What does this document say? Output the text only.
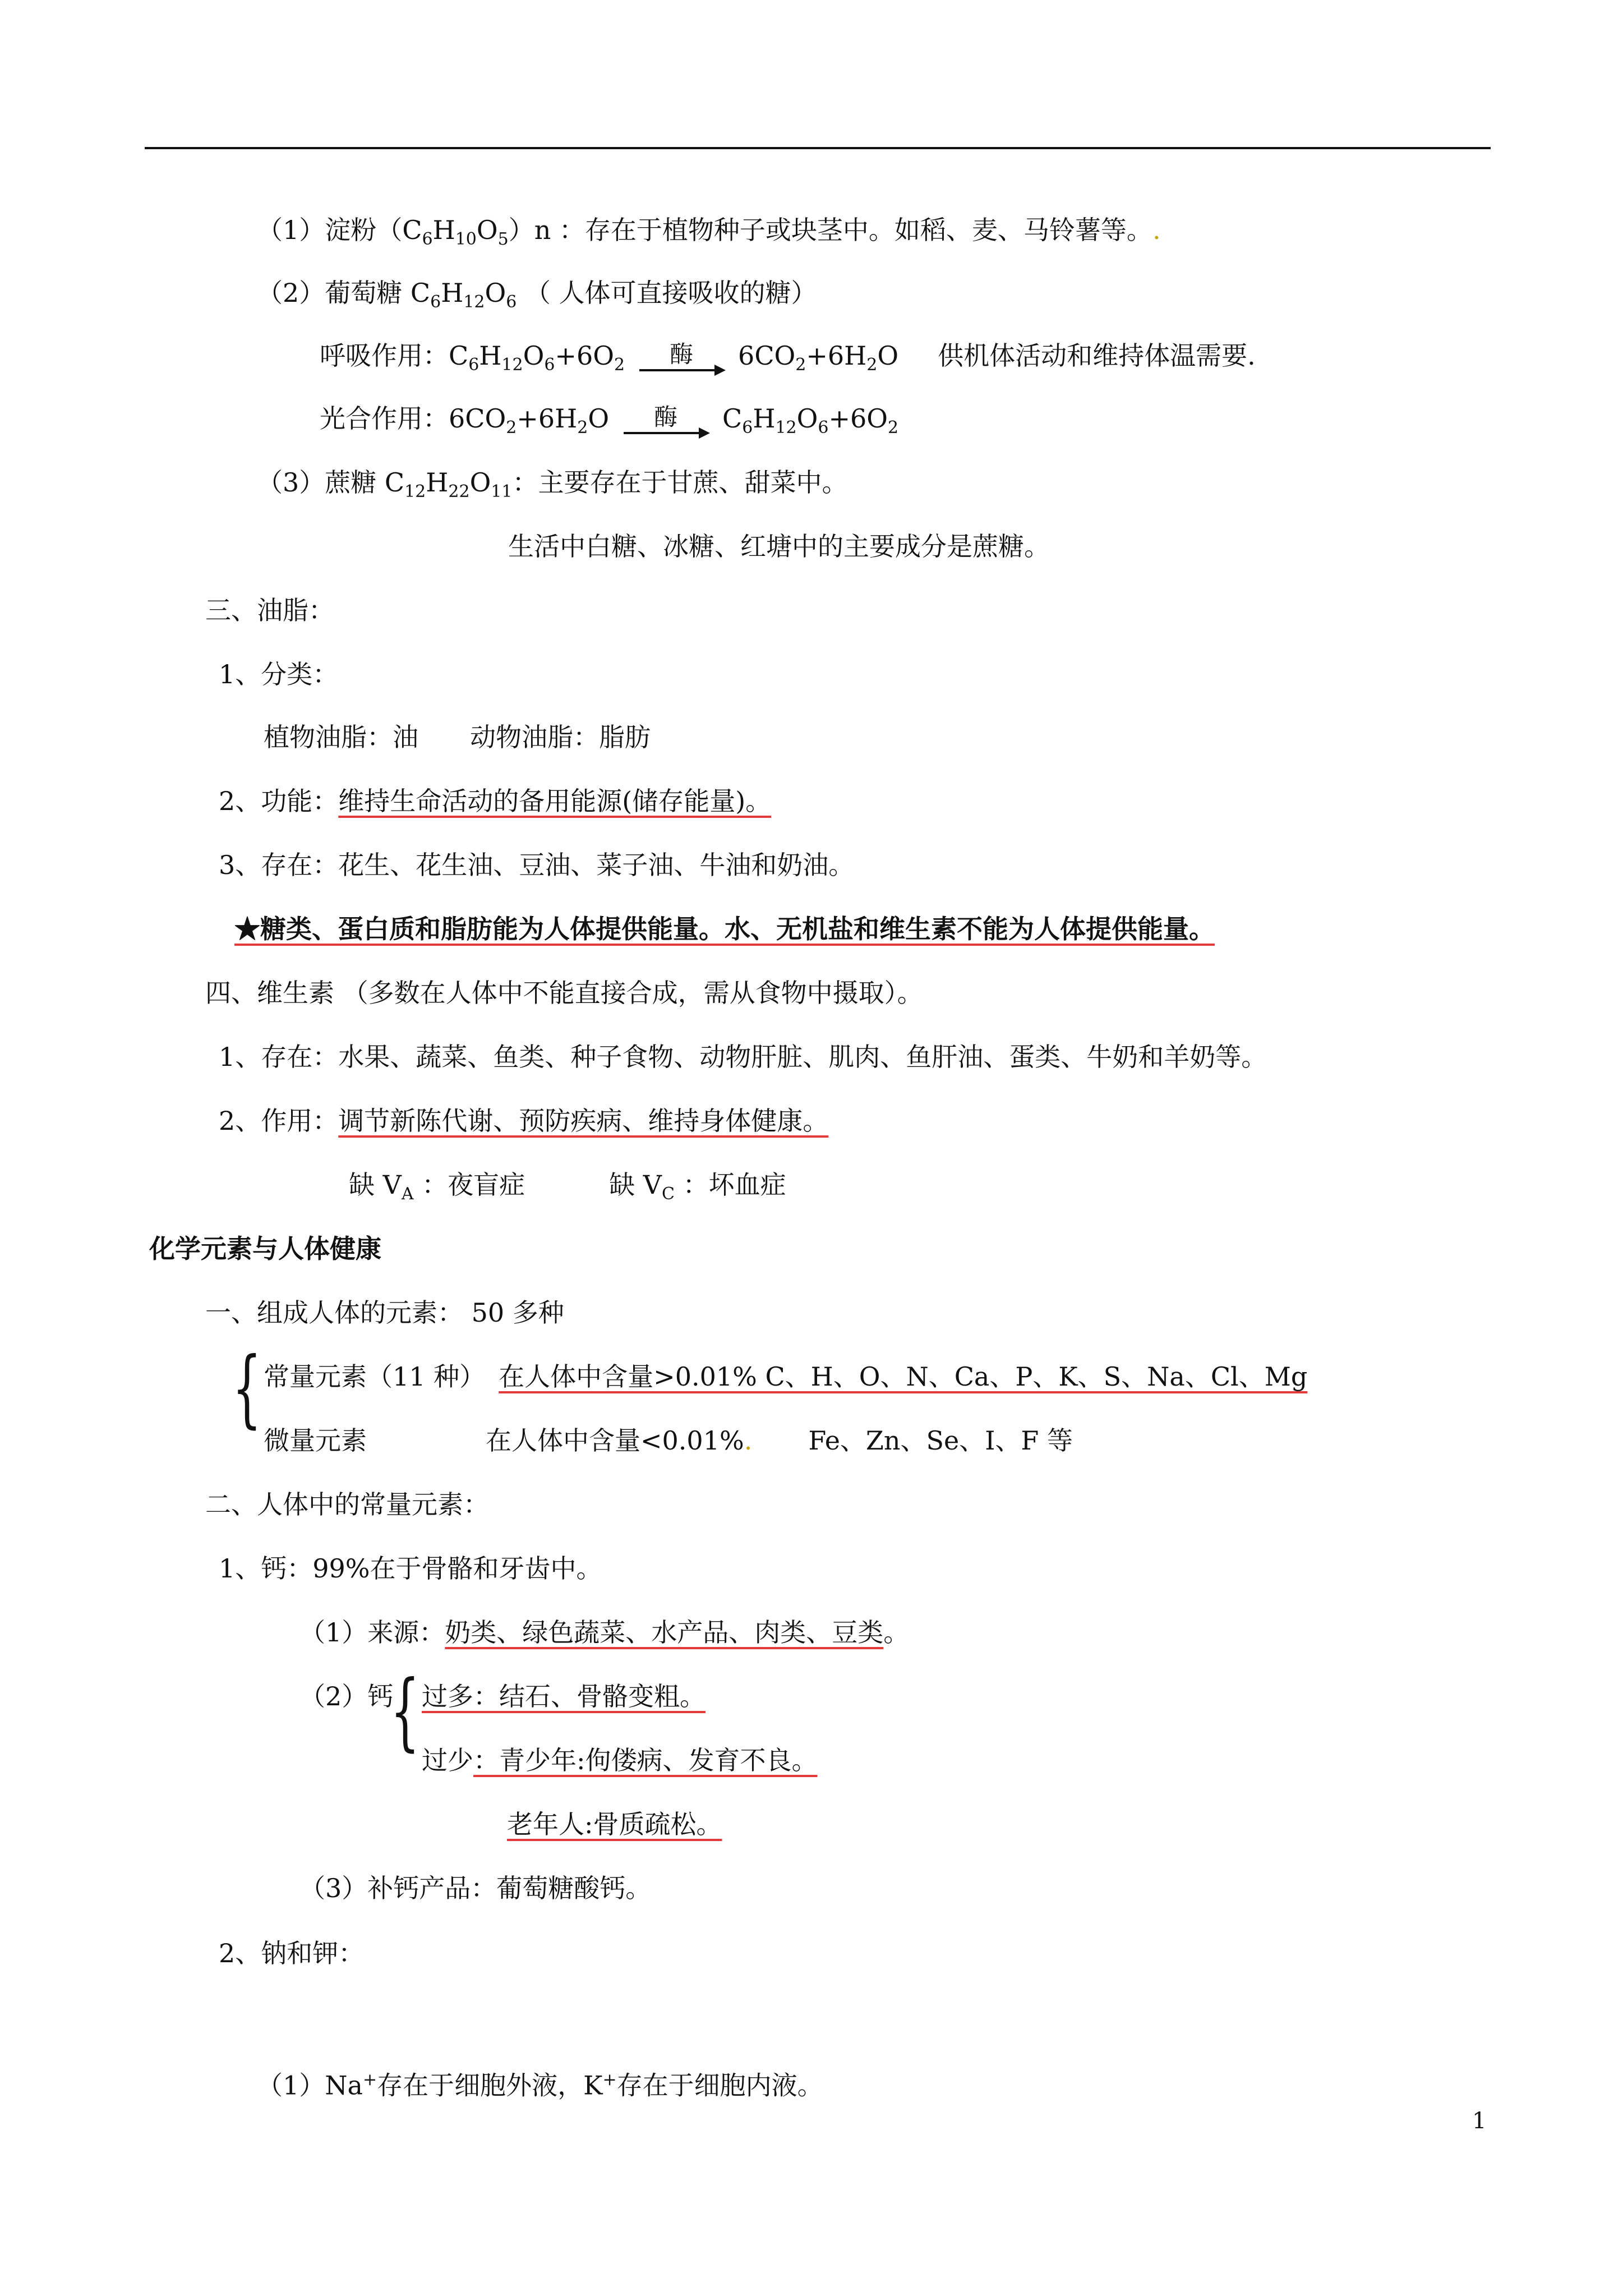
（1）淀粉$(C_6H_{10}O_5)n$ ：存在于植物种子或块茎中。如稻、麦、马铃薯等。.
（2）葡萄糖 $C_6H_{12}O_6$ （ 人体可直接吸收的糖）
呼吸作用：$C_6H_{12}O_6+6O_2$	酶	$6CO_2+6H_2O$ 供机体活动和维持体温需要.
光合作用：$6CO_2+6H_2O$	酶	$C_6H_{12}O_6+6O_2$
（3）蔗糖 $C_{12}H_{22}O_{11}$：主要存在于甘蔗、甜菜中。
生活中白糖、冰糖、红塘中的主要成分是蔗糖。
三、油脂：
1、分类：
植物油脂：油 动物油脂：脂肪
2、功能：维持生命活动的备用能源(储存能量)。
3、存在：花生、花生油、豆油、菜子油、牛油和奶油。
★糖类、蛋白质和脂肪能为人体提供能量。水、无机盐和维生素不能为人体提供能量。
四、维生素 （多数在人体中不能直接合成，需从食物中摄取）。
1、存在：水果、蔬菜、鱼类、种子食物、动物肝脏、肌肉、鱼肝油、蛋类、牛奶和羊奶等。
2、作用：调节新陈代谢、预防疾病、维持身体健康。
缺 $V_A$ ：夜盲症	缺 $V_C$ ：坏血症
化学元素与人体健康
一、组成人体的元素： 50 多种
{ 常量元素（11 种） 在人体中含量>0.01% C、H、O、N、Ca、P、K、S、Na、Cl、Mg
微量元素	在人体中含量<0.01%. Fe、Zn、Se、I、F 等
二、人体中的常量元素：
1、钙：99%在于骨骼和牙齿中。
（1）来源：奶类、绿色蔬菜、水产品、肉类、豆类。
（2）钙
{ 过多：结石、骨骼变粗。
过少：青少年:佝偻病、发育不良。
老年人:骨质疏松。
（3）补钙产品：葡萄糖酸钙。
2、钠和钾：
（1）Na+存在于细胞外液，K+存在于细胞内液。
1
